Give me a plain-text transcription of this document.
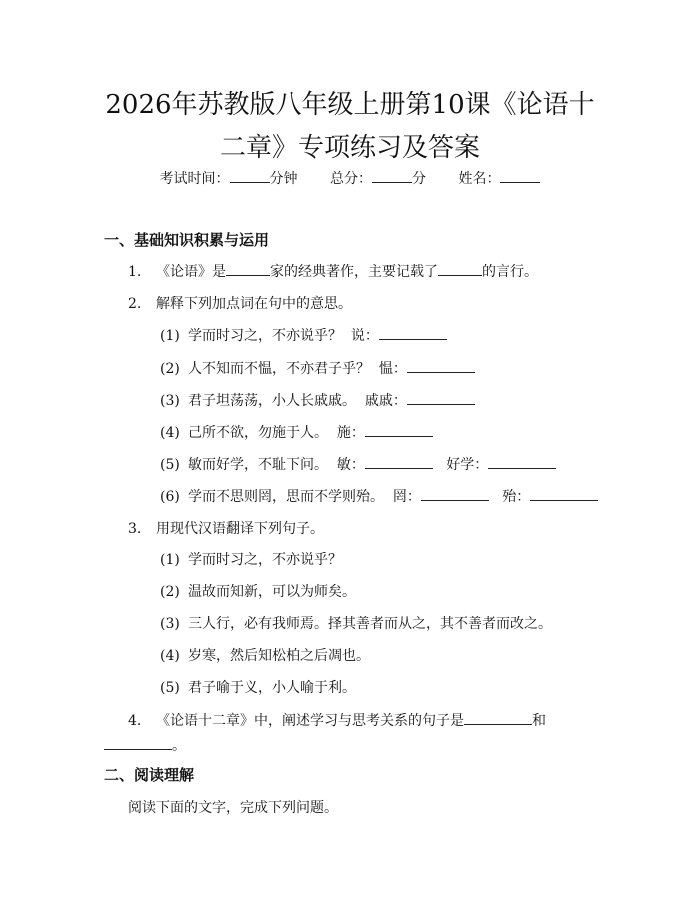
2026年苏教版八年级上册第10课《论语十
二章》专项练习及答案
考试时间：	分钟 总分：	分 姓名：
一、基础知识积累与运用
1. 《论语》是	家的经典著作，主要记载了	的言行。
2. 解释下列加点词在句中的意思。
(1) 学而时习之，不亦说乎？ 说：
(2) 人不知而不愠，不亦君子乎？ 愠：
(3) 君子坦荡荡，小人长戚戚。 戚戚：
(4) 己所不欲，勿施于人。 施：
(5) 敏而好学，不耻下问。 敏：	好学：
(6) 学而不思则罔，思而不学则殆。 罔：	殆：
3. 用现代汉语翻译下列句子。
(1) 学而时习之，不亦说乎？
(2) 温故而知新，可以为师矣。
(3) 三人行，必有我师焉。择其善者而从之，其不善者而改之。
(4) 岁寒，然后知松柏之后凋也。
(5) 君子喻于义，小人喻于利。
4. 《论语十二章》中，阐述学习与思考关系的句子是	和
。
二、阅读理解
阅读下面的文字，完成下列问题。
